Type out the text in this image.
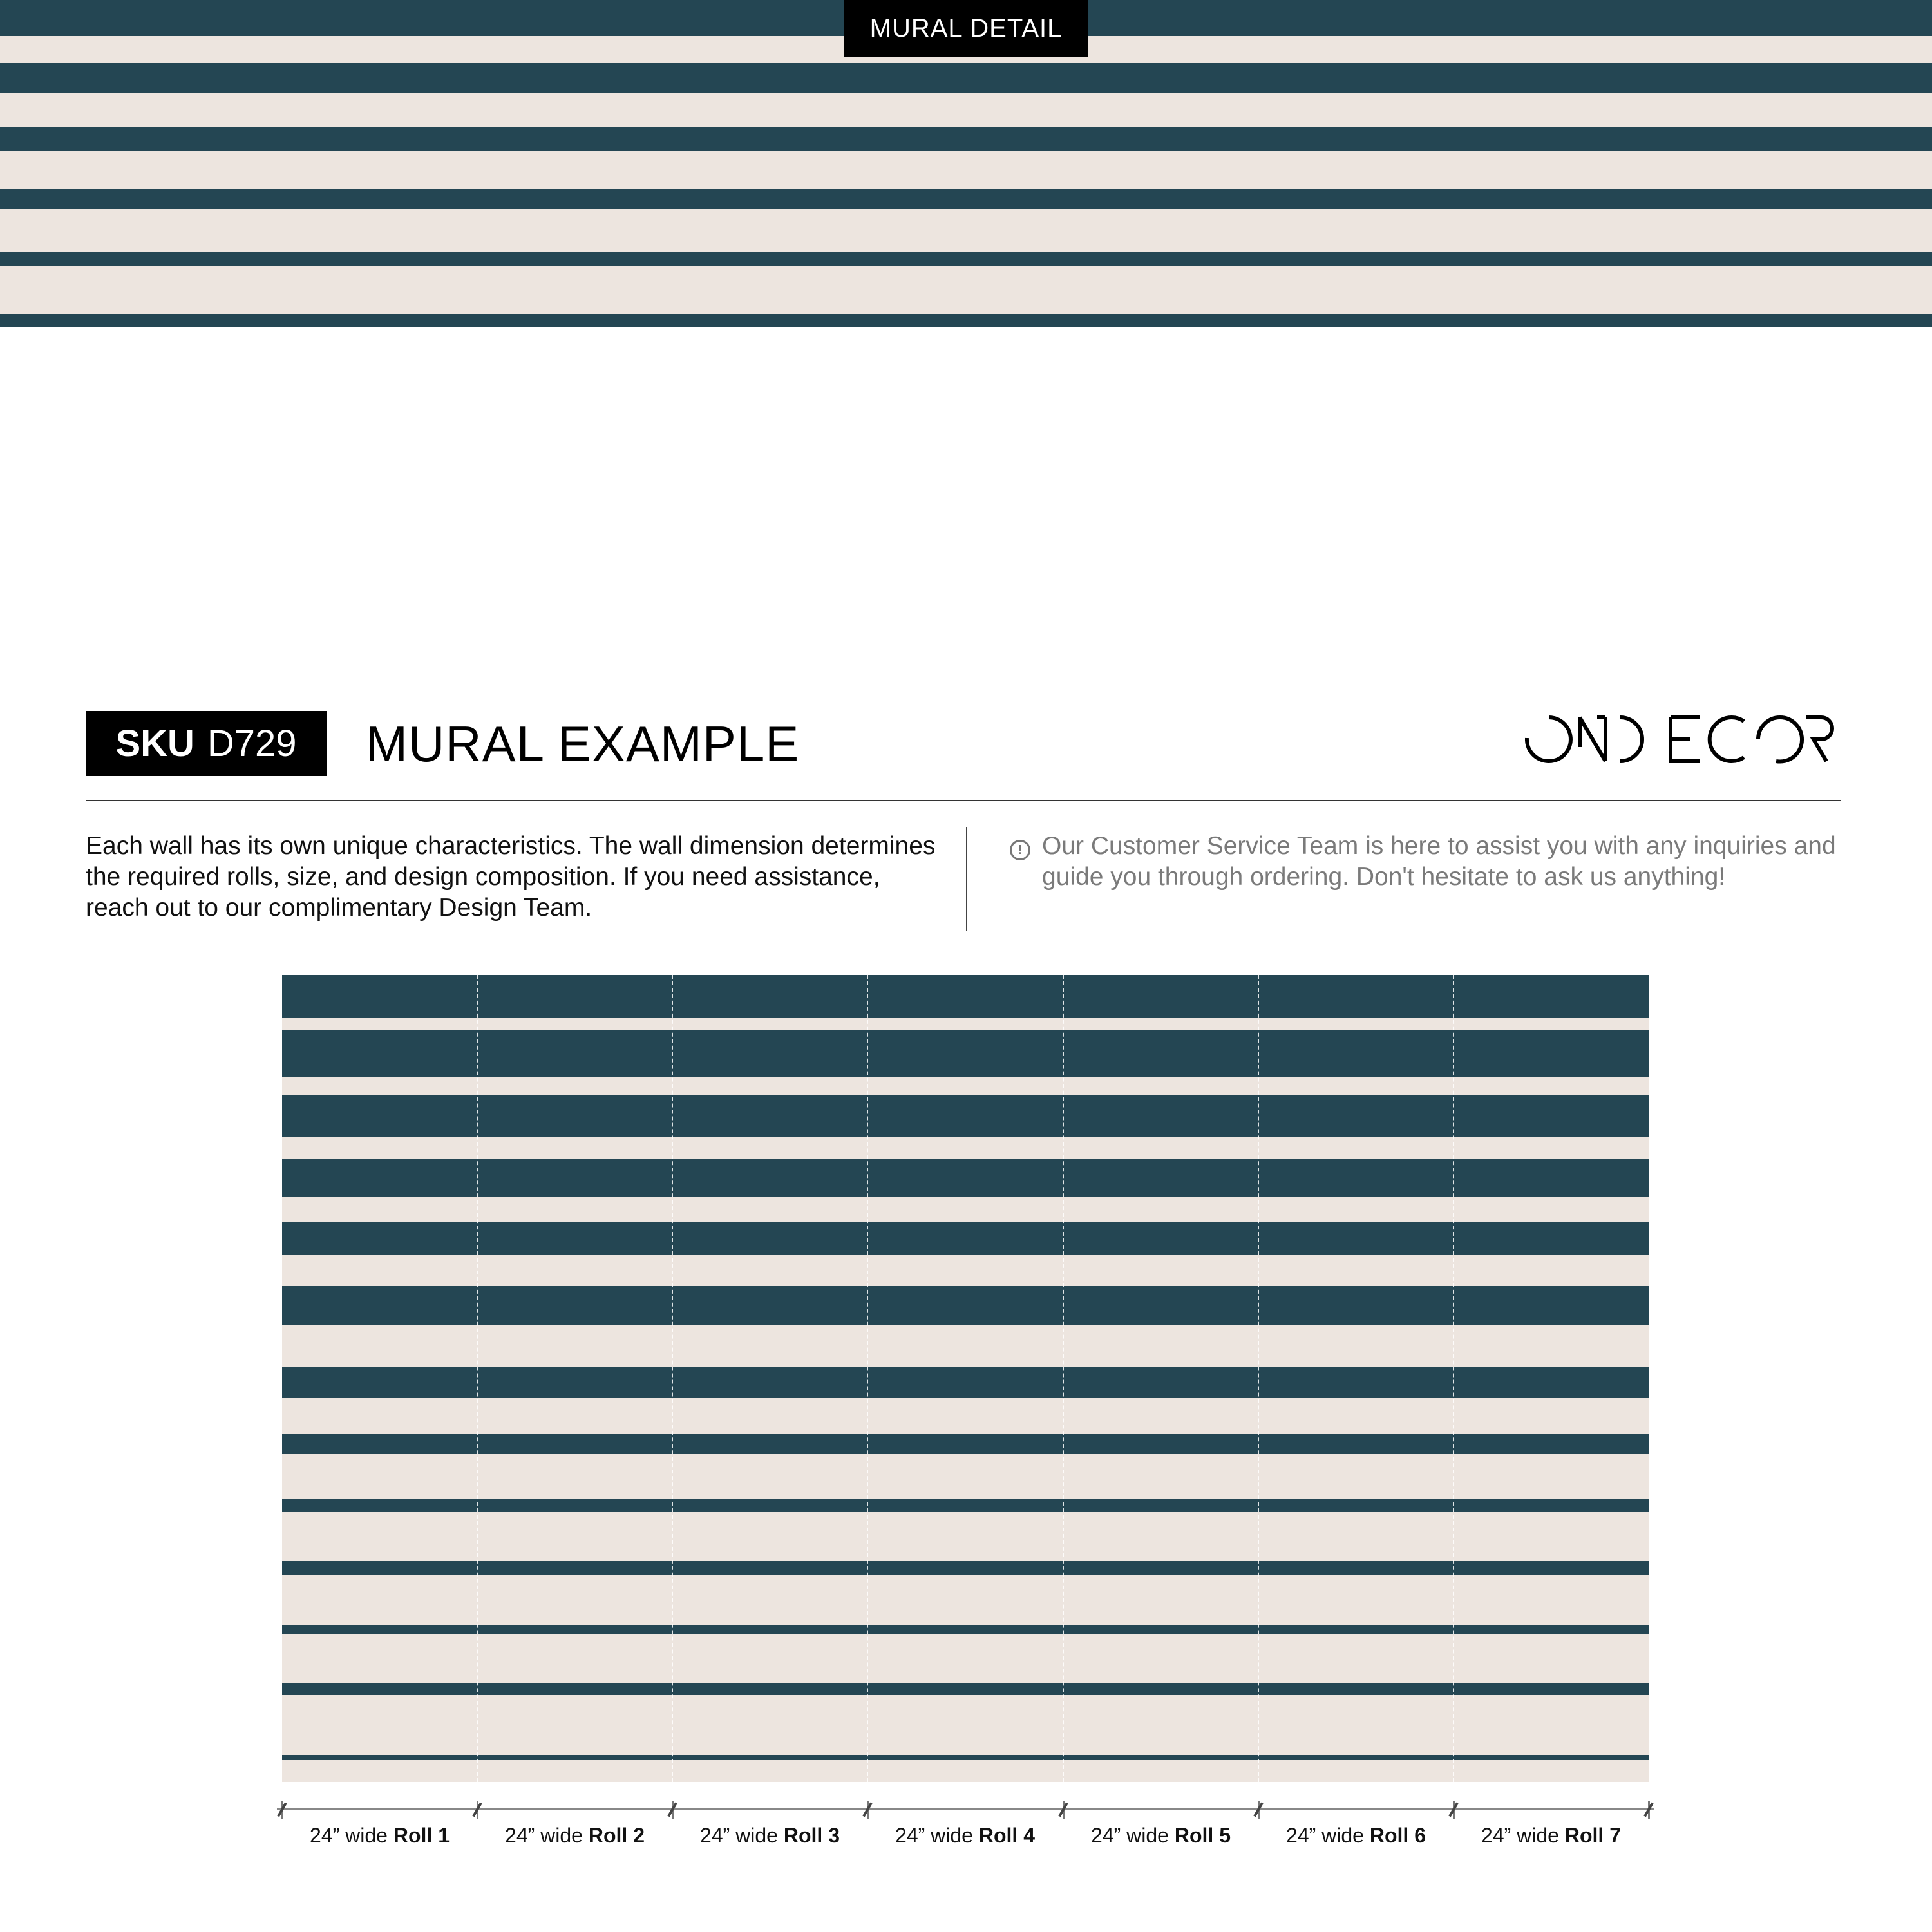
MURAL DETAIL
SKU D729 MURAL EXAMPLE
Each wall has its own unique characteristics. The wall dimension determines the required rolls, size, and design composition. If you need assistance, reach out to our complimentary Design Team.
! Our Customer Service Team is here to assist you with any inquiries and guide you through ordering. Don't hesitate to ask us anything!
24” wide Roll 1	24” wide Roll 2	24” wide Roll 3	24” wide Roll 4	24” wide Roll 5	24” wide Roll 6	24” wide Roll 7
